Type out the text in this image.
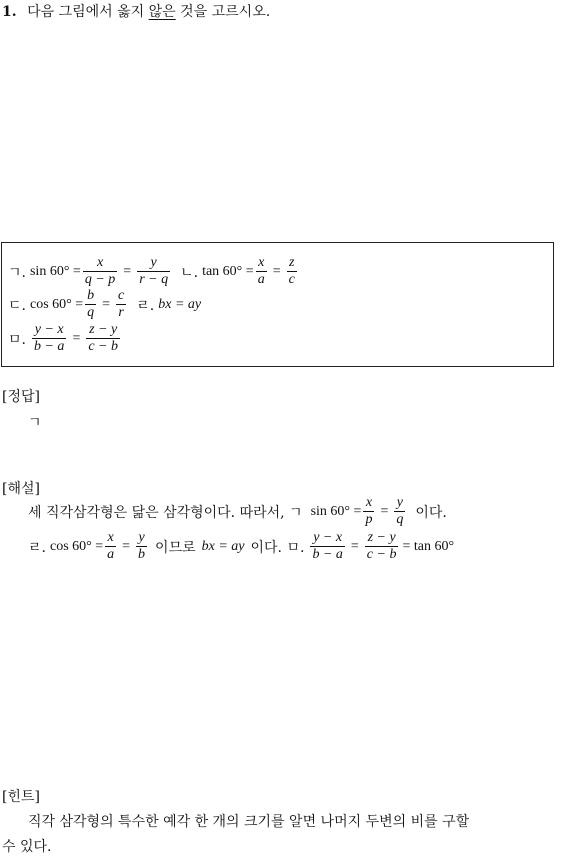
1. 다음 그림에서 옳지 않은 것을 고르시오.
ㄱ. $\sin 60^\circ = \frac{x}{q - p} = \frac{y}{r - q}$ ㄴ. $\tan 60^\circ = \frac{x}{a} = \frac{z}{c}$
ㄷ. $\cos 60^\circ = \frac{b}{q} = \frac{c}{r}$ ㄹ. bx = ay
ㅁ. $\frac{y - x}{b - a} = \frac{z - y}{c - b}$
[정답]
ㄱ
[해설]
세 직각삼각형은 닮은 삼각형이다. 따라서, ㄱ $\sin 60^\circ = \frac{x}{p} = \frac{y}{q}$ 이다.
ㄹ. $\cos 60^\circ = \frac{x}{a} = \frac{y}{b}$ 이므로 bx = ay 이다. ㅁ. $\frac{y - x}{b - a} = \frac{z - y}{c - b} = \tan 60^\circ$
[힌트]
직각 삼각형의 특수한 예각 한 개의 크기를 알면 나머지 두변의 비를 구할
수 있다.
